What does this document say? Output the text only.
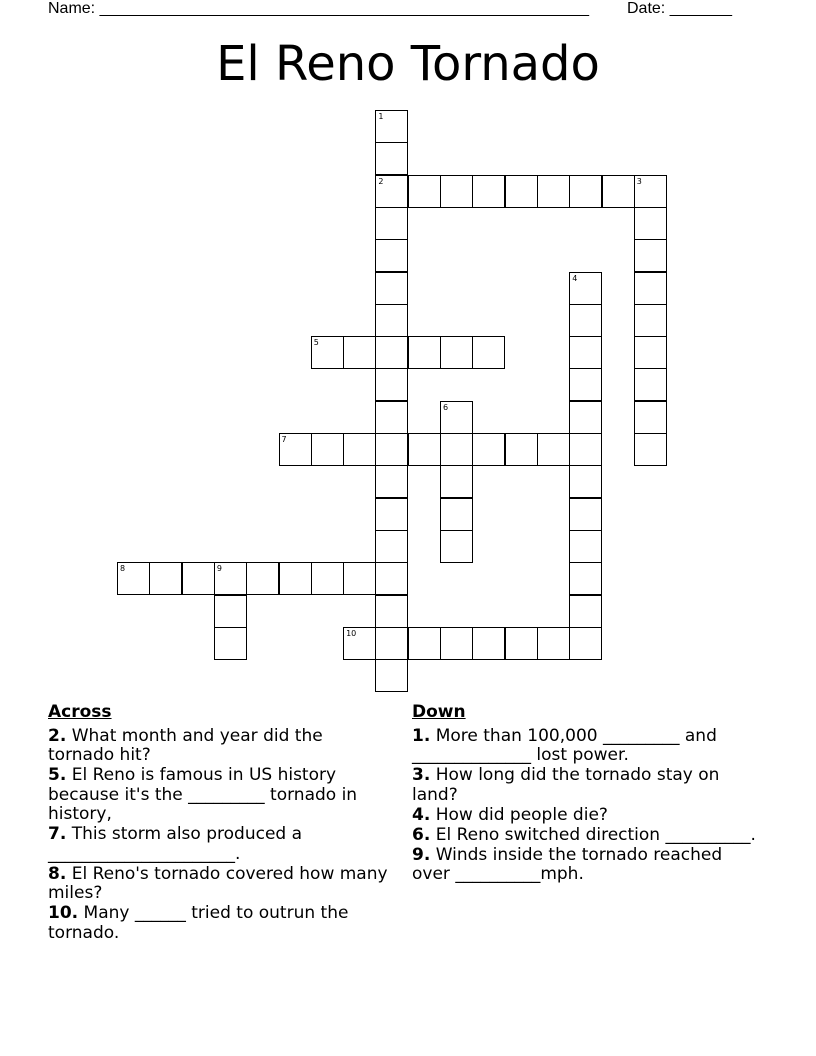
Name: _______________________________________________________ Date: _______
El Reno Tornado
1
2	3
4
5
6
7
8	9
10
Across
2. What month and year did the tornado hit?
5. El Reno is famous in US history because it's the _________ tornado in history,
7. This storm also produced a ______________________.
8. El Reno's tornado covered how many miles?
10. Many ______ tried to outrun the tornado.
Down
1. More than 100,000 _________ and ______________ lost power.
3. How long did the tornado stay on land?
4. How did people die?
6. El Reno switched direction __________.
9. Winds inside the tornado reached over __________mph.
